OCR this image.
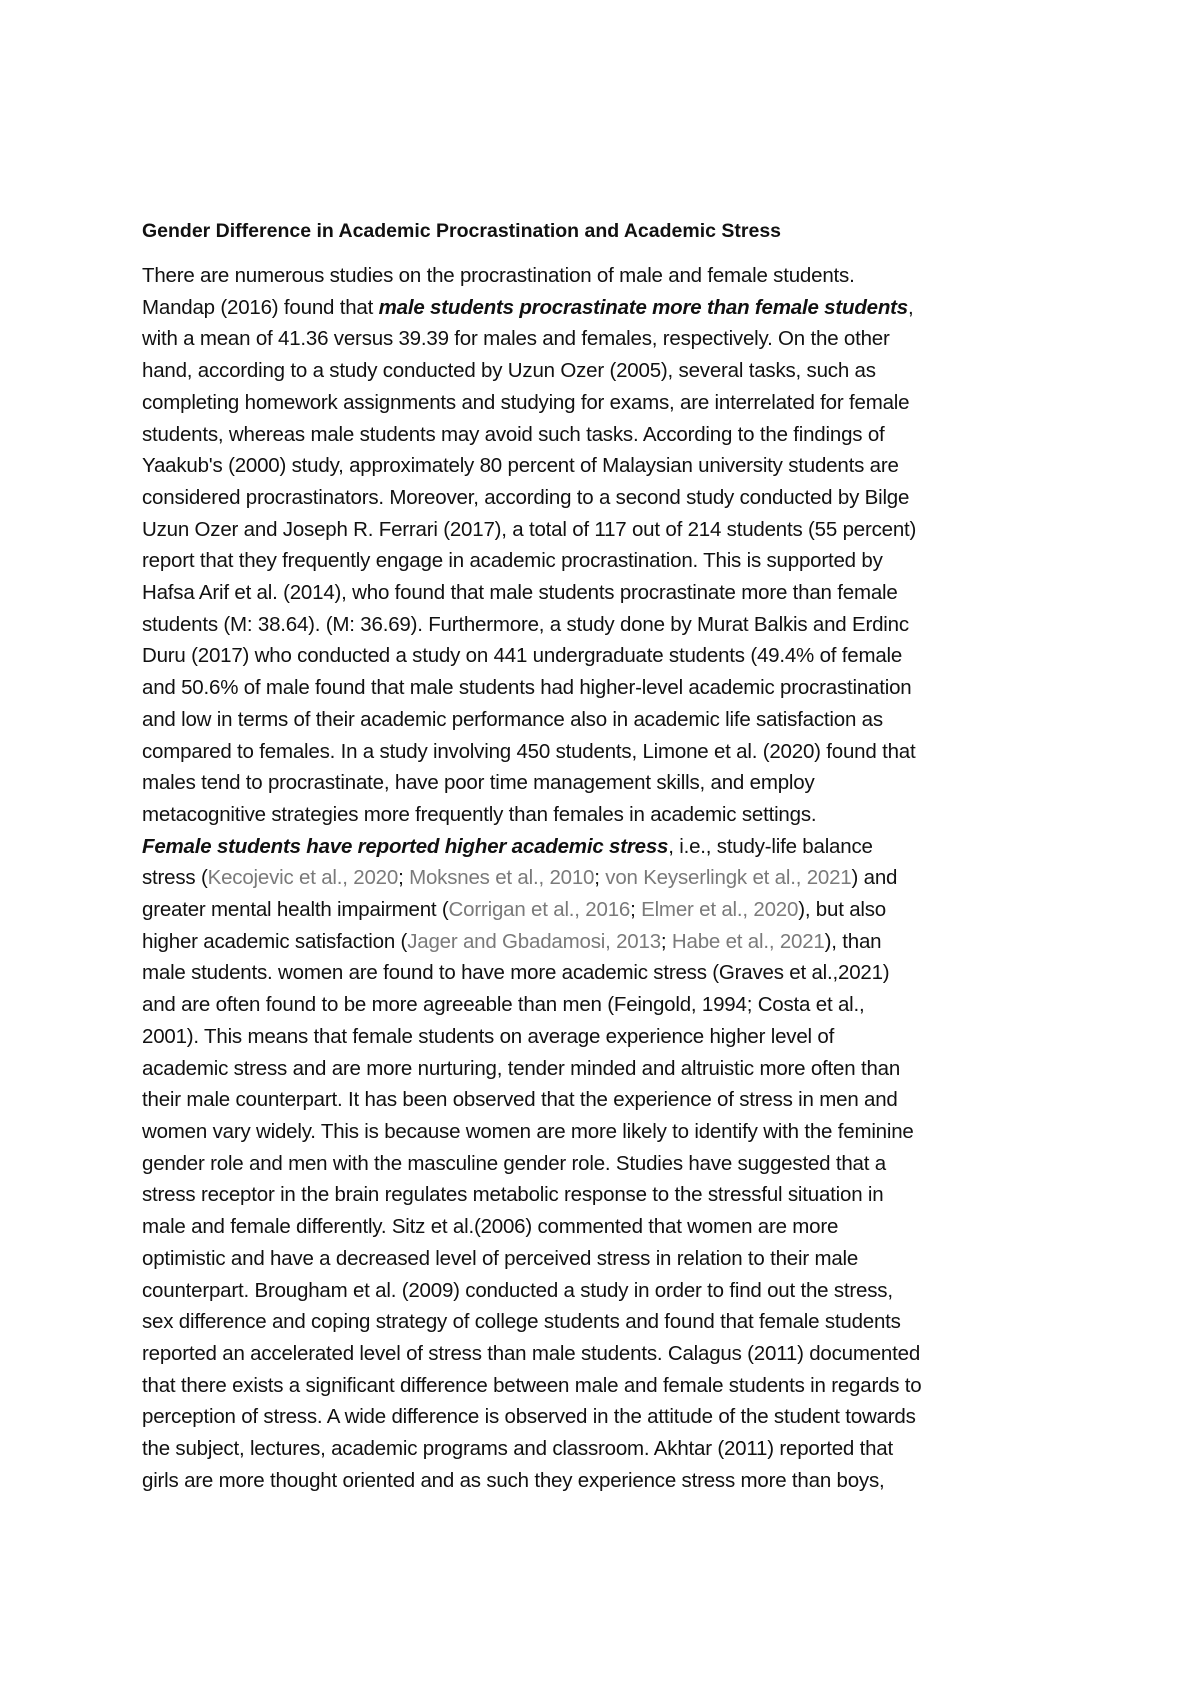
Gender Difference in Academic Procrastination and Academic Stress
There are numerous studies on the procrastination of male and female students.
Mandap (2016) found that male students procrastinate more than female students,
with a mean of 41.36 versus 39.39 for males and females, respectively. On the other
hand, according to a study conducted by Uzun Ozer (2005), several tasks, such as
completing homework assignments and studying for exams, are interrelated for female
students, whereas male students may avoid such tasks. According to the findings of
Yaakub's (2000) study, approximately 80 percent of Malaysian university students are
considered procrastinators. Moreover, according to a second study conducted by Bilge
Uzun Ozer and Joseph R. Ferrari (2017), a total of 117 out of 214 students (55 percent)
report that they frequently engage in academic procrastination. This is supported by
Hafsa Arif et al. (2014), who found that male students procrastinate more than female
students (M: 38.64). (M: 36.69). Furthermore, a study done by Murat Balkis and Erdinc
Duru (2017) who conducted a study on 441 undergraduate students (49.4% of female
and 50.6% of male found that male students had higher-level academic procrastination
and low in terms of their academic performance also in academic life satisfaction as
compared to females. In a study involving 450 students, Limone et al. (2020) found that
males tend to procrastinate, have poor time management skills, and employ
metacognitive strategies more frequently than females in academic settings.
Female students have reported higher academic stress, i.e., study-life balance
stress (Kecojevic et al., 2020; Moksnes et al., 2010; von Keyserlingk et al., 2021) and
greater mental health impairment (Corrigan et al., 2016; Elmer et al., 2020), but also
higher academic satisfaction (Jager and Gbadamosi, 2013; Habe et al., 2021), than
male students. women are found to have more academic stress (Graves et al.,2021)
and are often found to be more agreeable than men (Feingold, 1994; Costa et al.,
2001). This means that female students on average experience higher level of
academic stress and are more nurturing, tender minded and altruistic more often than
their male counterpart. It has been observed that the experience of stress in men and
women vary widely. This is because women are more likely to identify with the feminine
gender role and men with the masculine gender role. Studies have suggested that a
stress receptor in the brain regulates metabolic response to the stressful situation in
male and female differently. Sitz et al.(2006) commented that women are more
optimistic and have a decreased level of perceived stress in relation to their male
counterpart. Brougham et al. (2009) conducted a study in order to find out the stress,
sex difference and coping strategy of college students and found that female students
reported an accelerated level of stress than male students. Calagus (2011) documented
that there exists a significant difference between male and female students in regards to
perception of stress. A wide difference is observed in the attitude of the student towards
the subject, lectures, academic programs and classroom. Akhtar (2011) reported that
girls are more thought oriented and as such they experience stress more than boys,
